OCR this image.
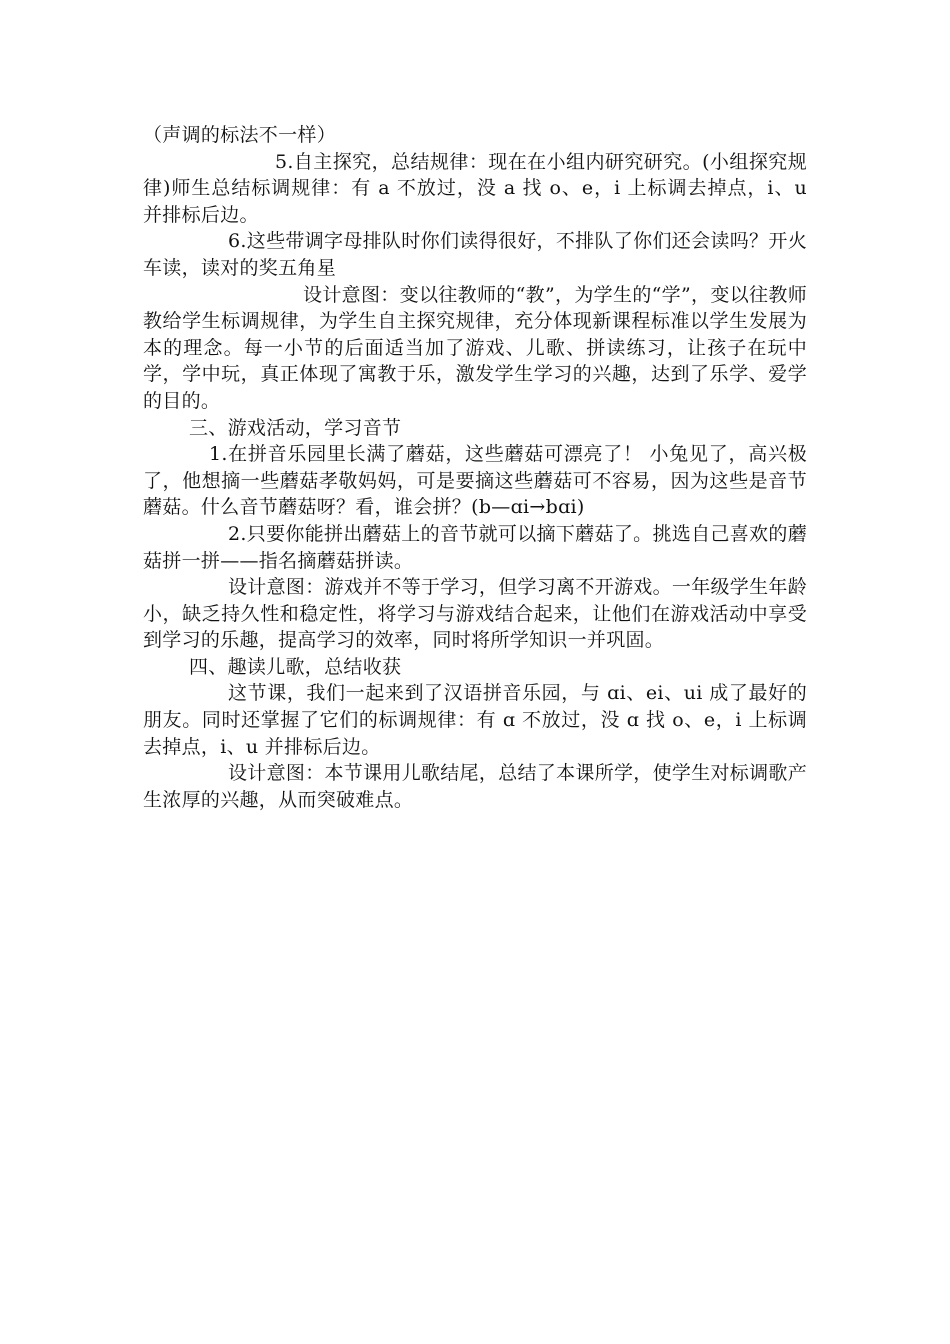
（声调的标法不一样）

5.自主探究，总结规律：现在在小组内研究研究。(小组探究规律)师生总结标调规律：有 a 不放过，没 a 找 o、e，i 上标调去掉点，i、u 并排标后边。

6.这些带调字母排队时你们读得很好，不排队了你们还会读吗？开火车读，读对的奖五角星

设计意图：变以往教师的“教”，为学生的“学”，变以往教师教给学生标调规律，为学生自主探究规律，充分体现新课程标准以学生发展为本的理念。每一小节的后面适当加了游戏、儿歌、拼读练习，让孩子在玩中学，学中玩，真正体现了寓教于乐，激发学生学习的兴趣，达到了乐学、爱学的目的。

三、游戏活动，学习音节

1.在拼音乐园里长满了蘑菇，这些蘑菇可漂亮了！ 小兔见了，高兴极了，他想摘一些蘑菇孝敬妈妈，可是要摘这些蘑菇可不容易，因为这些是音节蘑菇。什么音节蘑菇呀？看，谁会拼？(b—ɑi→bɑi)

2.只要你能拼出蘑菇上的音节就可以摘下蘑菇了。挑选自己喜欢的蘑菇拼一拼——指名摘蘑菇拼读。

设计意图：游戏并不等于学习，但学习离不开游戏。一年级学生年龄小，缺乏持久性和稳定性，将学习与游戏结合起来，让他们在游戏活动中享受到学习的乐趣，提高学习的效率，同时将所学知识一并巩固。

四、趣读儿歌，总结收获

这节课，我们一起来到了汉语拼音乐园，与 ɑi、ei、ui 成了最好的朋友。同时还掌握了它们的标调规律：有 ɑ 不放过，没 ɑ 找 o、e，i 上标调去掉点，i、u 并排标后边。

设计意图：本节课用儿歌结尾，总结了本课所学，使学生对标调歌产生浓厚的兴趣，从而突破难点。
